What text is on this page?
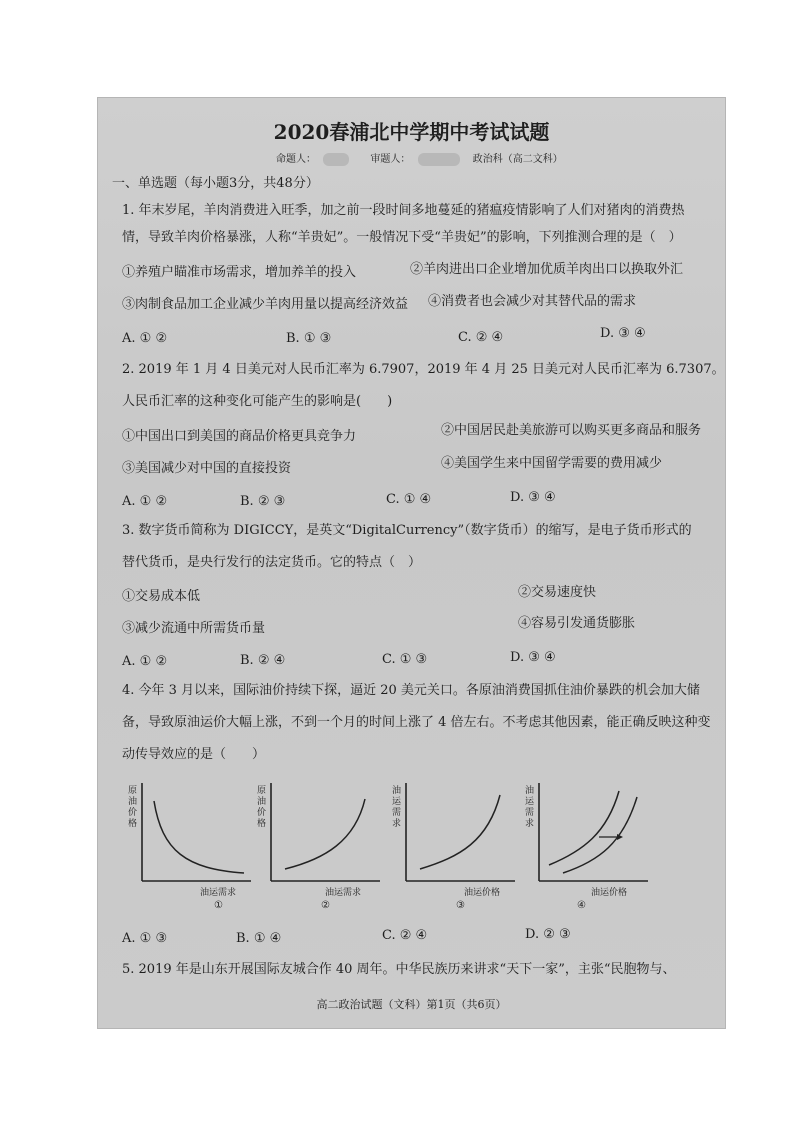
2020春浦北中学期中考试试题
命题人：	审题人：	政治科（高二文科）
一、单选题（每小题3分，共48分）
1. 年末岁尾，羊肉消费进入旺季，加之前一段时间多地蔓延的猪瘟疫情影响了人们对猪肉的消费热
情，导致羊肉价格暴涨，人称“羊贵妃”。一般情况下受“羊贵妃”的影响，下列推测合理的是（　）
①养殖户瞄准市场需求，增加养羊的投入	②羊肉进出口企业增加优质羊肉出口以换取外汇
③肉制食品加工企业减少羊肉用量以提高经济效益 ④消费者也会减少对其替代品的需求
A. ① ②	B. ① ③	C. ② ④	D. ③ ④
2. 2019 年 1 月 4 日美元对人民币汇率为 6.7907，2019 年 4 月 25 日美元对人民币汇率为 6.7307。
人民币汇率的这种变化可能产生的影响是(　　)
①中国出口到美国的商品价格更具竞争力	②中国居民赴美旅游可以购买更多商品和服务
③美国减少对中国的直接投资	④美国学生来中国留学需要的费用减少
A. ① ②	B. ② ③	C. ① ④	D. ③ ④
3. 数字货币简称为 DIGICCY，是英文“DigitalCurrency”（数字货币）的缩写，是电子货币形式的
替代货币，是央行发行的法定货币。它的特点（　）
①交易成本低	②交易速度快
③减少流通中所需货币量	④容易引发通货膨胀
A. ① ②	B. ② ④	C. ① ③	D. ③ ④
4. 今年 3 月以来，国际油价持续下探，逼近 20 美元关口。各原油消费国抓住油价暴跌的机会加大储
备，导致原油运价大幅上涨，不到一个月的时间上涨了 4 倍左右。不考虑其他因素，能正确反映这种变
动传导效应的是（　　）
原
油
价
格
油运需求
①
原
油
价
格
油运需求
②
油
运
需
求
油运价格
③
油
运
需
求
油运价格
④
A. ① ③	B. ① ④	C. ② ④	D. ② ③
5. 2019 年是山东开展国际友城合作 40 周年。中华民族历来讲求“天下一家”，主张“民胞物与、
高二政治试题（文科）第1页（共6页）
